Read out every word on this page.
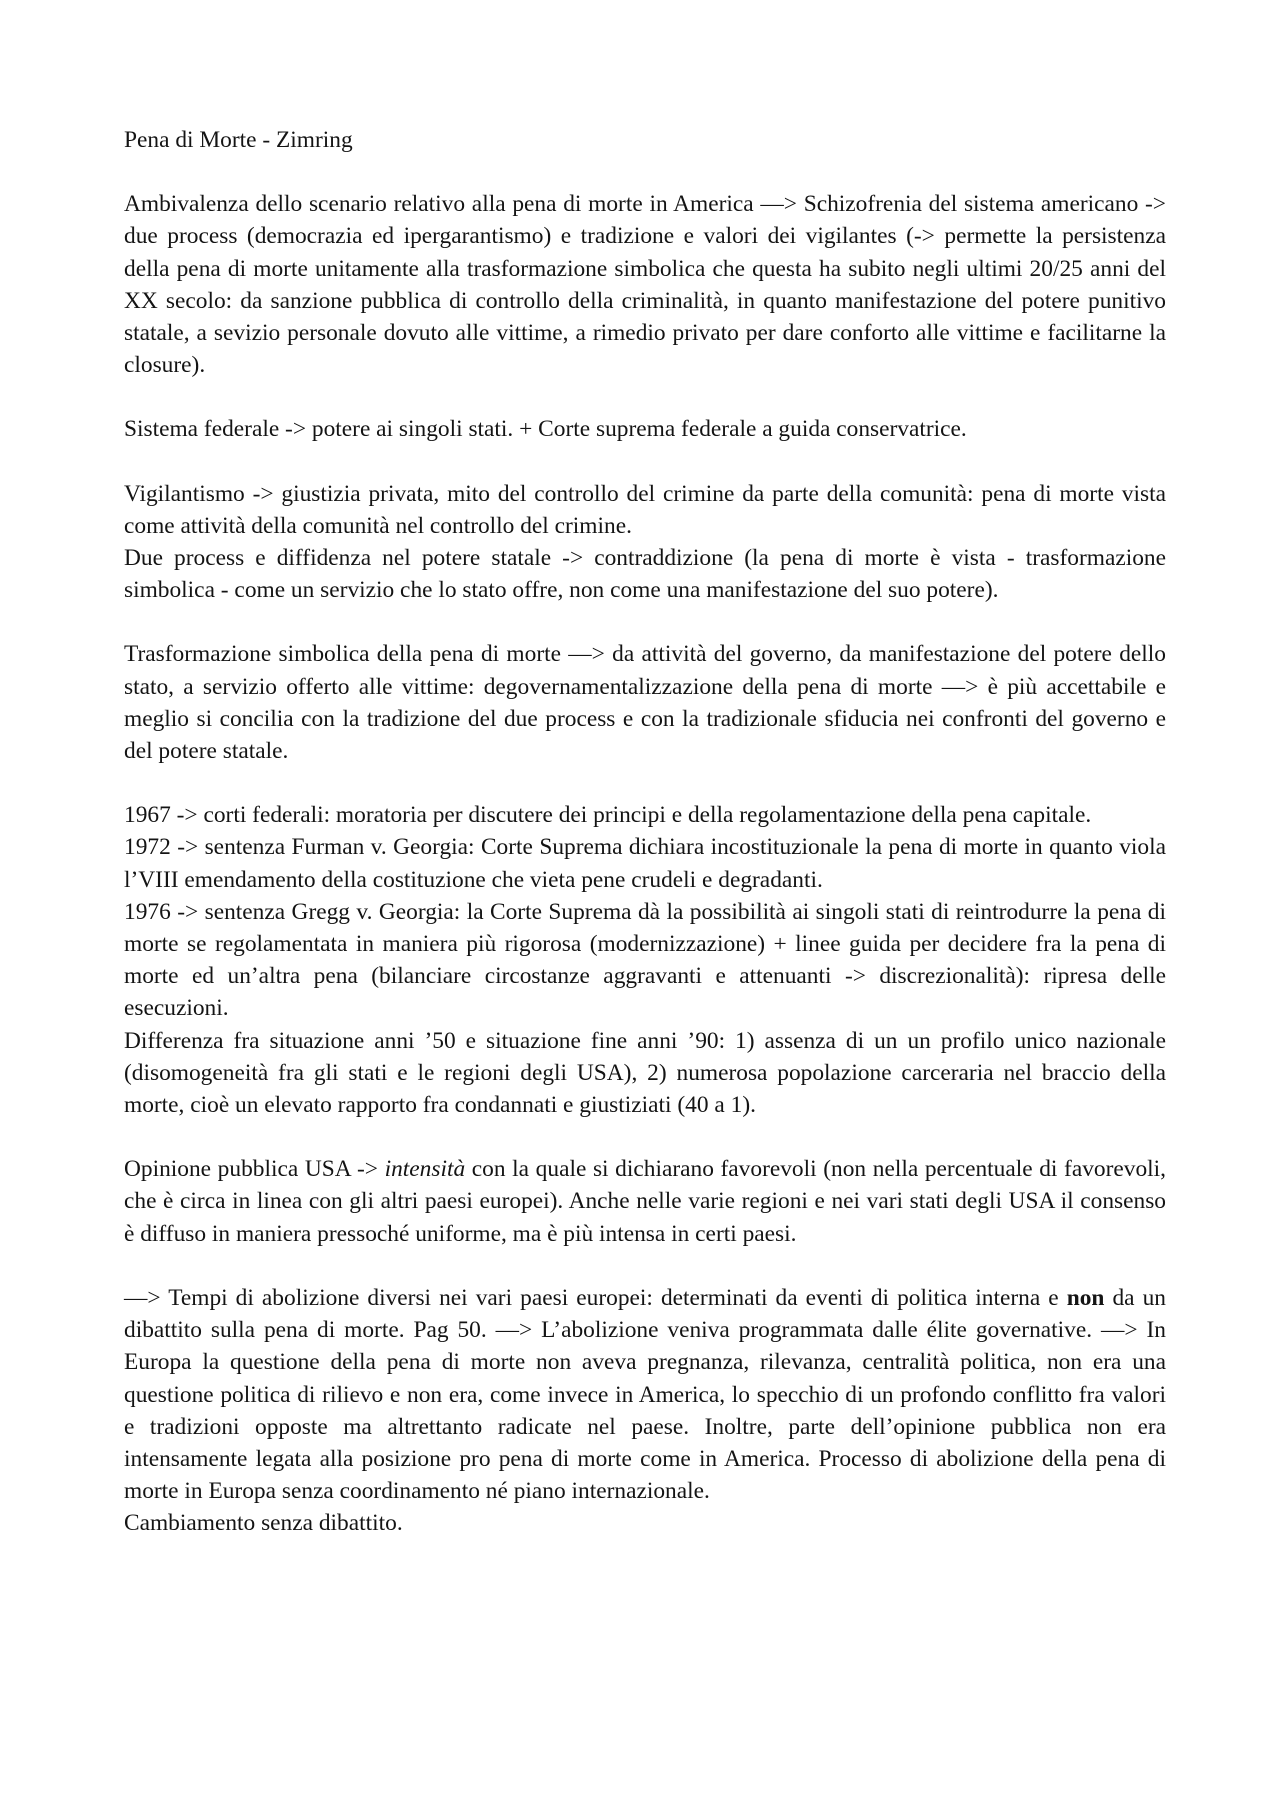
Pena di Morte - Zimring

Ambivalenza dello scenario relativo alla pena di morte in America —> Schizofrenia del sistema americano -> due process (democrazia ed ipergarantismo) e tradizione e valori dei vigilantes (-> permette la persistenza della pena di morte unitamente alla trasformazione simbolica che questa ha subito negli ultimi 20/25 anni del XX secolo: da sanzione pubblica di controllo della criminalità, in quanto manifestazione del potere punitivo statale, a sevizio personale dovuto alle vittime, a rimedio privato per dare conforto alle vittime e facilitarne la closure).

Sistema federale -> potere ai singoli stati. + Corte suprema federale a guida conservatrice.

Vigilantismo -> giustizia privata, mito del controllo del crimine da parte della comunità: pena di morte vista come attività della comunità nel controllo del crimine.

Due process e diffidenza nel potere statale -> contraddizione (la pena di morte è vista - trasformazione simbolica - come un servizio che lo stato offre, non come una manifestazione del suo potere).

Trasformazione simbolica della pena di morte —> da attività del governo, da manifestazione del potere dello stato, a servizio offerto alle vittime: degovernamentalizzazione della pena di morte —> è più accettabile e meglio si concilia con la tradizione del due process e con la tradizionale sfiducia nei confronti del governo e del potere statale.

1967 -> corti federali: moratoria per discutere dei principi e della regolamentazione della pena capitale.

1972 -> sentenza Furman v. Georgia: Corte Suprema dichiara incostituzionale la pena di morte in quanto viola l’VIII emendamento della costituzione che vieta pene crudeli e degradanti.

1976 -> sentenza Gregg v. Georgia: la Corte Suprema dà la possibilità ai singoli stati di reintrodurre la pena di morte se regolamentata in maniera più rigorosa (modernizzazione) + linee guida per decidere fra la pena di morte ed un’altra pena (bilanciare circostanze aggravanti e attenuanti -> discrezionalità): ripresa delle esecuzioni.

Differenza fra situazione anni ’50 e situazione fine anni ’90: 1) assenza di un un profilo unico nazionale (disomogeneità fra gli stati e le regioni degli USA), 2) numerosa popolazione carceraria nel braccio della morte, cioè un elevato rapporto fra condannati e giustiziati (40 a 1).

Opinione pubblica USA -> intensità con la quale si dichiarano favorevoli (non nella percentuale di favorevoli, che è circa in linea con gli altri paesi europei). Anche nelle varie regioni e nei vari stati degli USA il consenso è diffuso in maniera pressoché uniforme, ma è più intensa in certi paesi.

—> Tempi di abolizione diversi nei vari paesi europei: determinati da eventi di politica interna e non da un dibattito sulla pena di morte. Pag 50. —> L’abolizione veniva programmata dalle élite governative. —> In Europa la questione della pena di morte non aveva pregnanza, rilevanza, centralità politica, non era una questione politica di rilievo e non era, come invece in America, lo specchio di un profondo conflitto fra valori e tradizioni opposte ma altrettanto radicate nel paese. Inoltre, parte dell’opinione pubblica non era intensamente legata alla posizione pro pena di morte come in America. Processo di abolizione della pena di morte in Europa senza coordinamento né piano internazionale.

Cambiamento senza dibattito.
